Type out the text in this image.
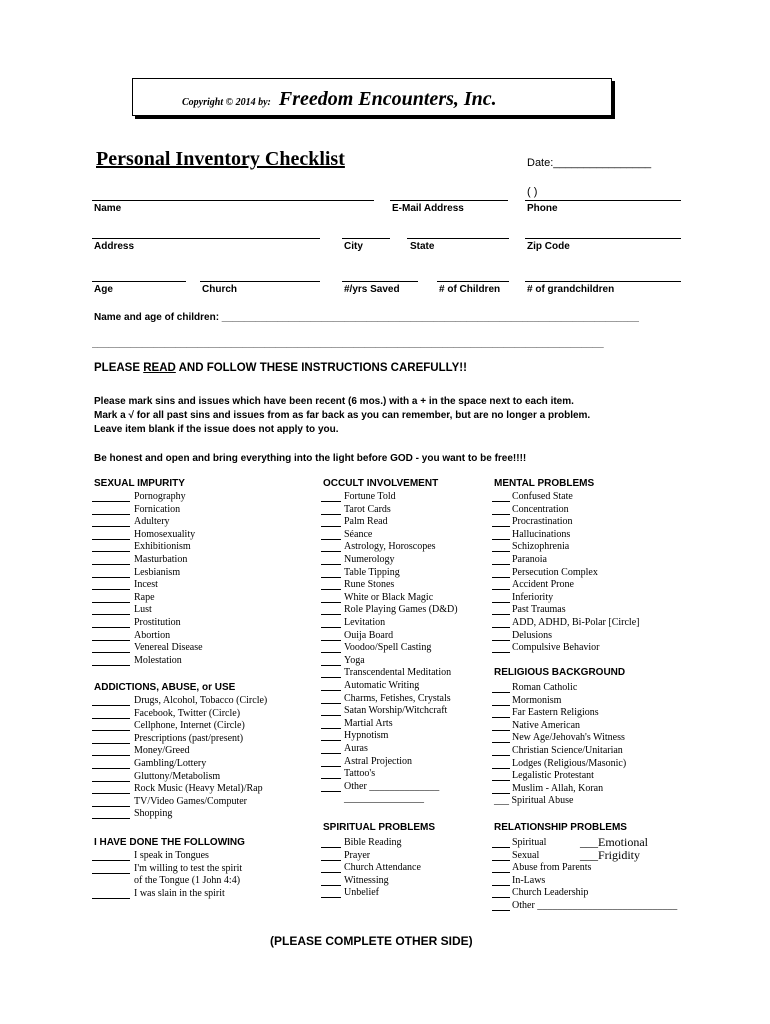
Copyright © 2014 by: Freedom Encounters, Inc.
Personal Inventory Checklist	Date:________________
( )
Name	E-Mail Address	Phone
Address	City	State	Zip Code
Age	Church	#/yrs Saved	# of Children	# of grandchildren
Name and age of children: ___________________________________________________________________________
____________________________________________________________________________________________
PLEASE READ AND FOLLOW THESE INSTRUCTIONS CAREFULLY!!
Please mark sins and issues which have been recent (6 mos.) with a + in the space next to each item.
Mark a √ for all past sins and issues from as far back as you can remember, but are no longer a problem.
Leave item blank if the issue does not apply to you.
Be honest and open and bring everything into the light before GOD - you want to be free!!!!
SEXUAL IMPURITY
Pornography
Fornication
Adultery
Homosexuality
Exhibitionism
Masturbation
Lesbianism
Incest
Rape
Lust
Prostitution
Abortion
Venereal Disease
Molestation
ADDICTIONS, ABUSE, or USE
Drugs, Alcohol, Tobacco (Circle)
Facebook, Twitter (Circle)
Cellphone, Internet (Circle)
Prescriptions (past/present)
Money/Greed
Gambling/Lottery
Gluttony/Metabolism
Rock Music (Heavy Metal)/Rap
TV/Video Games/Computer
Shopping
I HAVE DONE THE FOLLOWING
I speak in Tongues
I'm willing to test the spirit
of the Tongue (1 John 4:4)
I was slain in the spirit
OCCULT INVOLVEMENT
Fortune Told
Tarot Cards
Palm Read
Séance
Astrology, Horoscopes
Numerology
Table Tipping
Rune Stones
White or Black Magic
Role Playing Games (D&D)
Levitation
Ouija Board
Voodoo/Spell Casting
Yoga
Transcendental Meditation
Automatic Writing
Charms, Fetishes, Crystals
Satan Worship/Witchcraft
Martial Arts
Hypnotism
Auras
Astral Projection
Tattoo's
Other ______________
SPIRITUAL PROBLEMS
Bible Reading
Prayer
Church Attendance
Witnessing
Unbelief
MENTAL PROBLEMS
Confused State
Concentration
Procrastination
Hallucinations
Schizophrenia
Paranoia
Persecution Complex
Accident Prone
Inferiority
Past Traumas
ADD, ADHD, Bi-Polar [Circle]
Delusions
Compulsive Behavior
RELIGIOUS BACKGROUND
Roman Catholic
Mormonism
Far Eastern Religions
Native American
New Age/Jehovah's Witness
Christian Science/Unitarian
Lodges (Religious/Masonic)
Legalistic Protestant
Muslim - Allah, Koran
RELATIONSHIP PROBLEMS
Spiritual
Sexual
Abuse from Parents
In-Laws
Church Leadership
Other ____________________________
________________	___ Spiritual Abuse
___Emotional
___Frigidity
(PLEASE COMPLETE OTHER SIDE)
